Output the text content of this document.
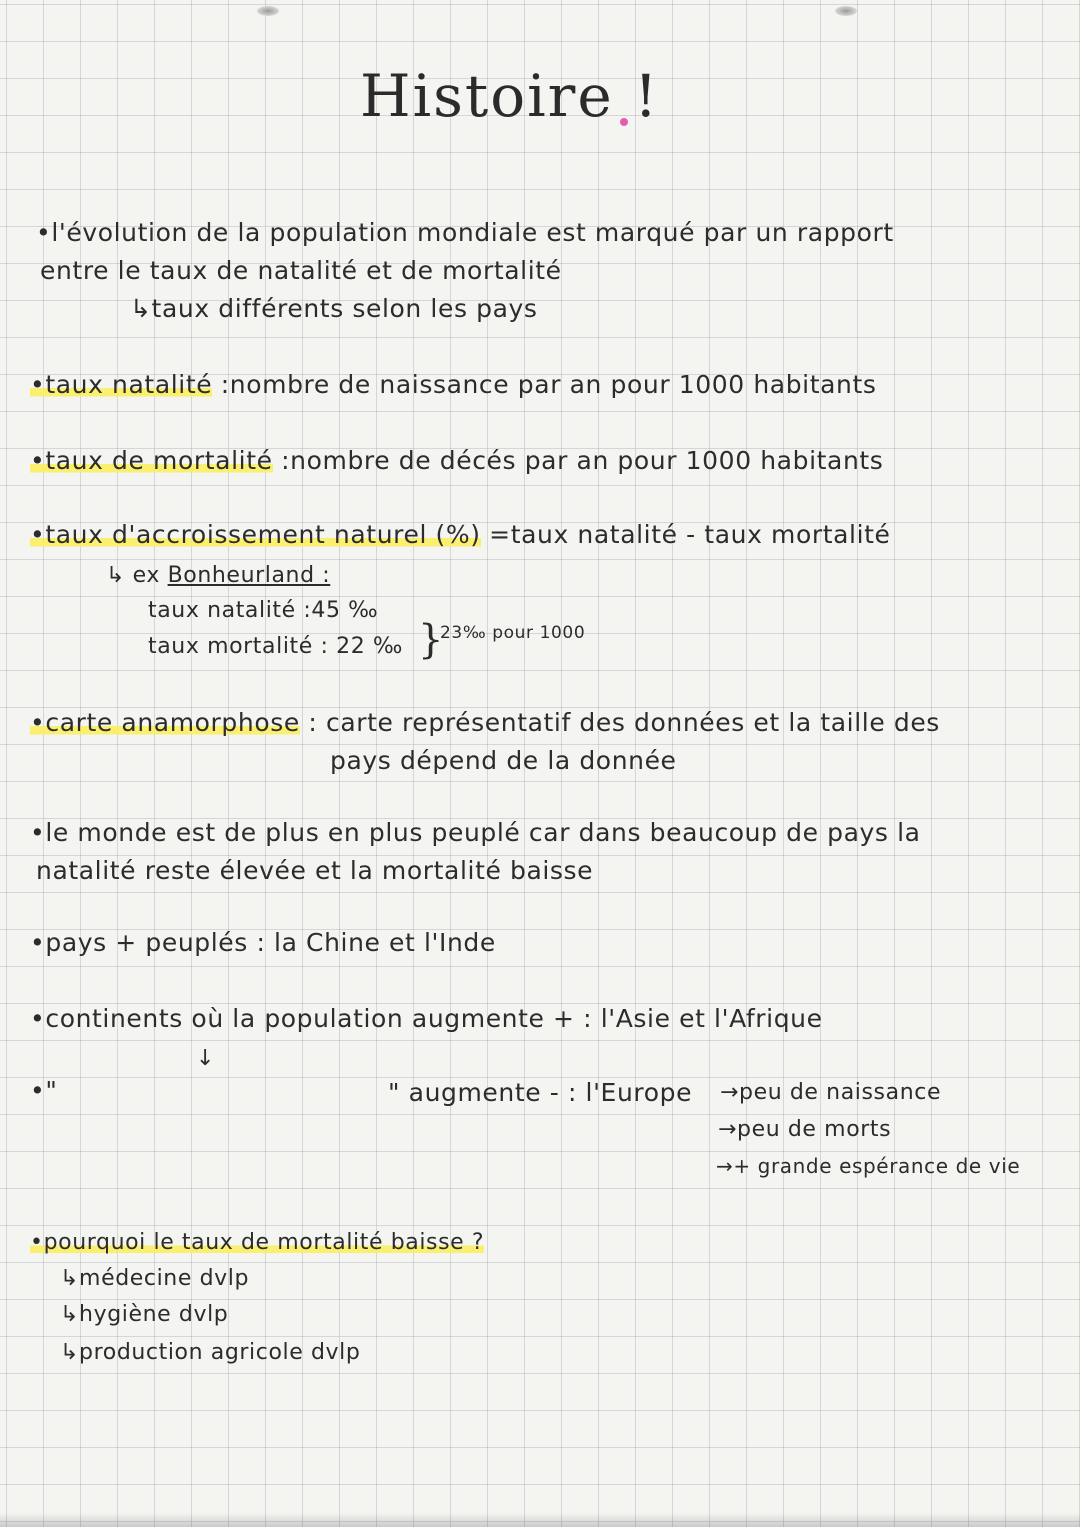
Histoire !
•l'évolution de la population mondiale est marqué par un rapport
entre le taux de natalité et de mortalité
↳taux différents selon les pays
•taux natalité :nombre de naissance par an pour 1000 habitants
•taux de mortalité :nombre de décés par an pour 1000 habitants
•taux d'accroissement naturel (%) =taux natalité - taux mortalité
↳ ex Bonheurland :
taux natalité :45 ‰
taux mortalité : 22 ‰ }
23‰ pour 1000
•carte anamorphose : carte représentatif des données et la taille des
pays dépend de la donnée
•le monde est de plus en plus peuplé car dans beaucoup de pays la
natalité reste élevée et la mortalité baisse
•pays + peuplés : la Chine et l'Inde
•continents où la population augmente + : l'Asie et l'Afrique
↓
•"	" augmente - : l'Europe →peu de naissance
→peu de morts
→+ grande espérance de vie
•pourquoi le taux de mortalité baisse ?
↳médecine dvlp
↳hygiène dvlp
↳production agricole dvlp
